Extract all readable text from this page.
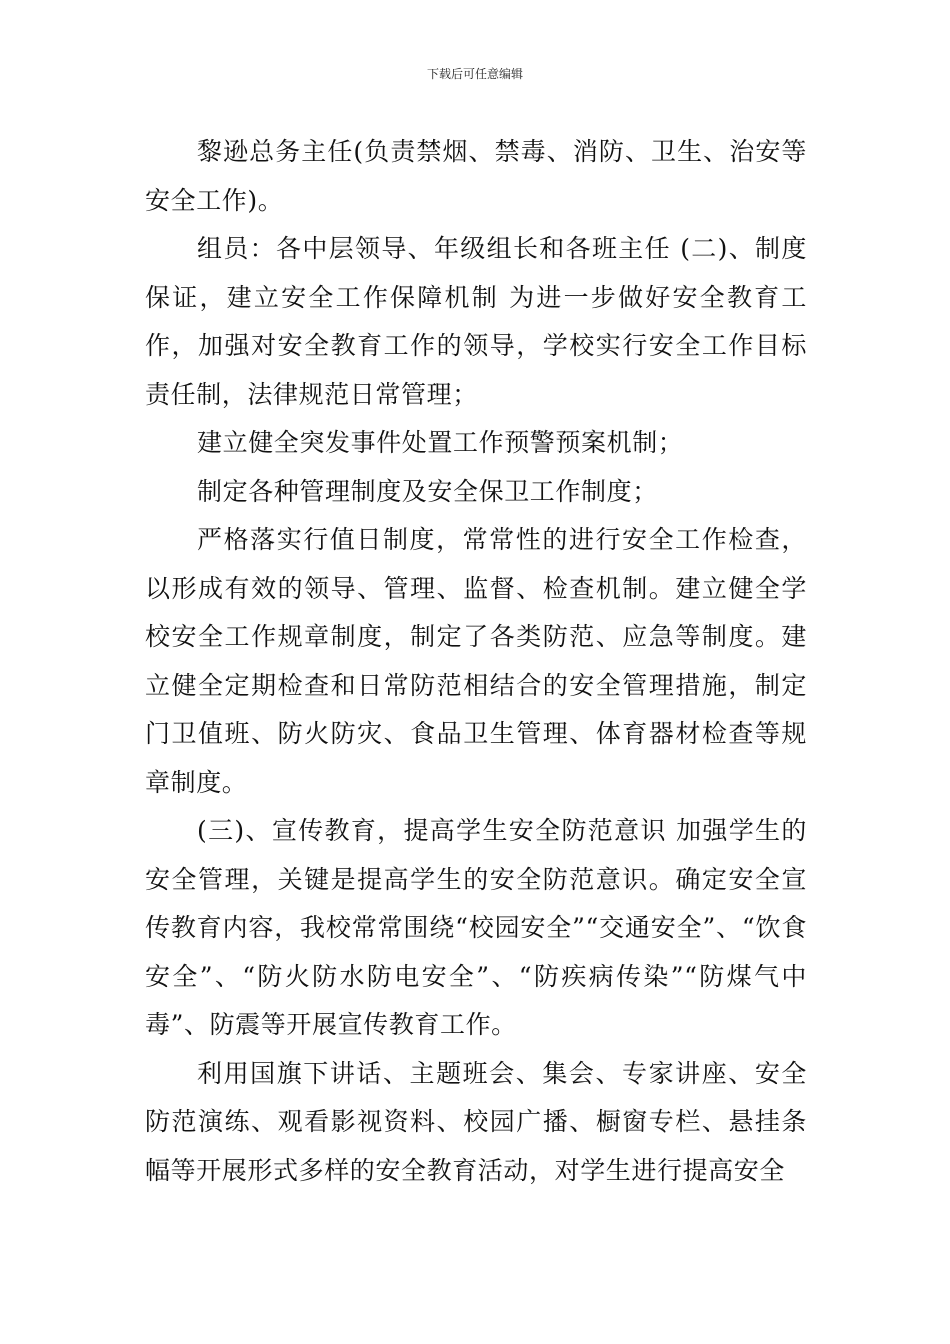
下载后可任意编辑

黎逊总务主任(负责禁烟、禁毒、消防、卫生、治安等安全工作)。

组员：各中层领导、年级组长和各班主任 (二)、制度保证，建立安全工作保障机制 为进一步做好安全教育工作，加强对安全教育工作的领导，学校实行安全工作目标责任制，法律规范日常管理；

建立健全突发事件处置工作预警预案机制；

制定各种管理制度及安全保卫工作制度；

严格落实行值日制度，常常性的进行安全工作检查，以形成有效的领导、管理、监督、检查机制。建立健全学校安全工作规章制度，制定了各类防范、应急等制度。建立健全定期检查和日常防范相结合的安全管理措施，制定门卫值班、防火防灾、食品卫生管理、体育器材检查等规章制度。

(三)、宣传教育，提高学生安全防范意识 加强学生的安全管理，关键是提高学生的安全防范意识。确定安全宣传教育内容，我校常常围绕“校园安全”“交通安全”、“饮食安全”、“防火防水防电安全”、“防疾病传染”“防煤气中毒”、防震等开展宣传教育工作。

利用国旗下讲话、主题班会、集会、专家讲座、安全防范演练、观看影视资料、校园广播、橱窗专栏、悬挂条幅等开展形式多样的安全教育活动，对学生进行提高安全
